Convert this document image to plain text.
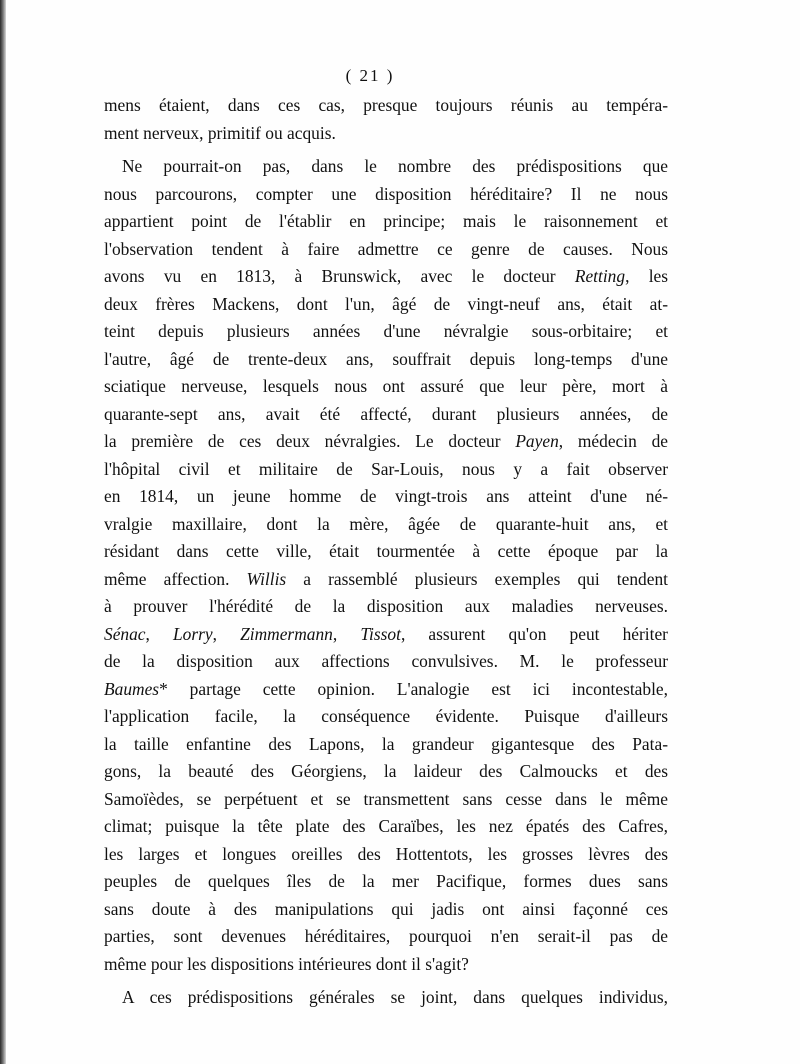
( 21 )
mens étaient, dans ces cas, presque toujours réunis au tempéra-
ment nerveux, primitif ou acquis.
Ne pourrait-on pas, dans le nombre des prédispositions que
nous parcourons, compter une disposition héréditaire? Il ne nous
appartient point de l'établir en principe; mais le raisonnement et
l'observation tendent à faire admettre ce genre de causes. Nous
avons vu en 1813, à Brunswick, avec le docteur Retting, les
deux frères Mackens, dont l'un, âgé de vingt-neuf ans, était at-
teint depuis plusieurs années d'une névralgie sous-orbitaire; et
l'autre, âgé de trente-deux ans, souffrait depuis long-temps d'une
sciatique nerveuse, lesquels nous ont assuré que leur père, mort à
quarante-sept ans, avait été affecté, durant plusieurs années, de
la première de ces deux névralgies. Le docteur Payen, médecin de
l'hôpital civil et militaire de Sar-Louis, nous y a fait observer
en 1814, un jeune homme de vingt-trois ans atteint d'une né-
vralgie maxillaire, dont la mère, âgée de quarante-huit ans, et
résidant dans cette ville, était tourmentée à cette époque par la
même affection. Willis a rassemblé plusieurs exemples qui tendent
à prouver l'hérédité de la disposition aux maladies nerveuses.
Sénac, Lorry, Zimmermann, Tissot, assurent qu'on peut hériter
de la disposition aux affections convulsives. M. le professeur
Baumes* partage cette opinion. L'analogie est ici incontestable,
l'application facile, la conséquence évidente. Puisque d'ailleurs
la taille enfantine des Lapons, la grandeur gigantesque des Pata-
gons, la beauté des Géorgiens, la laideur des Calmoucks et des
Samoïèdes, se perpétuent et se transmettent sans cesse dans le même
climat; puisque la tête plate des Caraïbes, les nez épatés des Cafres,
les larges et longues oreilles des Hottentots, les grosses lèvres des
peuples de quelques îles de la mer Pacifique, formes dues sans
sans doute à des manipulations qui jadis ont ainsi façonné ces
parties, sont devenues héréditaires, pourquoi n'en serait-il pas de
même pour les dispositions intérieures dont il s'agit?
A ces prédispositions générales se joint, dans quelques individus,
